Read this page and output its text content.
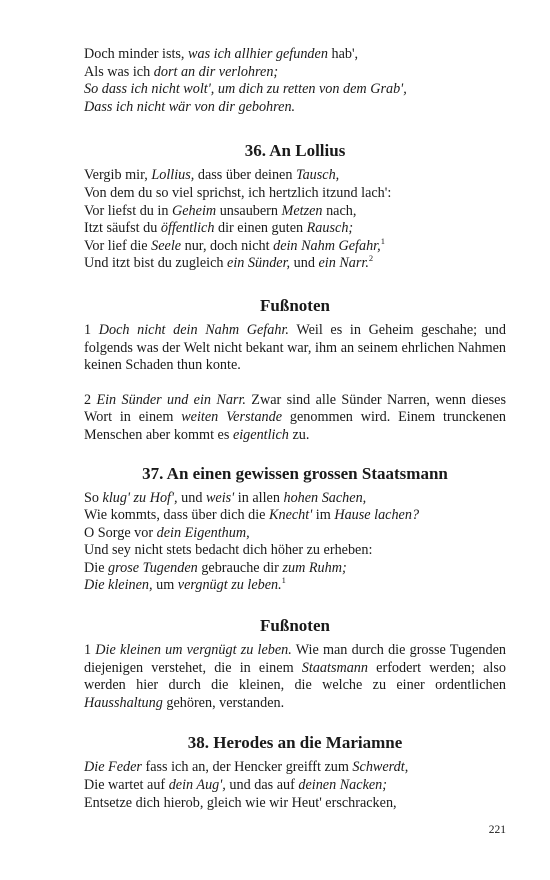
Doch minder ists, was ich allhier gefunden hab',

Als was ich dort an dir verlohren;

So dass ich nicht wolt', um dich zu retten von dem Grab',

Dass ich nicht wär von dir gebohren.

36. An Lollius

Vergib mir, Lollius, dass über deinen Tausch,

Von dem du so viel sprichst, ich hertzlich itzund lach':

Vor liefst du in Geheim unsaubern Metzen nach,

Itzt säufst du öffentlich dir einen guten Rausch;

Vor lief die Seele nur, doch nicht dein Nahm Gefahr,$^1$

Und itzt bist du zugleich ein Sünder, und ein Narr.$^2$

Fußnoten

1 Doch nicht dein Nahm Gefahr. Weil es in Geheim geschahe; und folgends was der Welt nicht bekant war, ihm an seinem ehrlichen Nahmen keinen Schaden thun konte.

2 Ein Sünder und ein Narr. Zwar sind alle Sünder Narren, wenn dieses Wort in einem weiten Verstande genommen wird. Einem trunckenen Menschen aber kommt es eigentlich zu.

37. An einen gewissen grossen Staatsmann

So klug' zu Hof', und weis' in allen hohen Sachen,

Wie kommts, dass über dich die Knecht' im Hause lachen?

O Sorge vor dein Eigenthum,

Und sey nicht stets bedacht dich höher zu erheben:

Die grose Tugenden gebrauche dir zum Ruhm;

Die kleinen, um vergnügt zu leben.$^1$

Fußnoten

1 Die kleinen um vergnügt zu leben. Wie man durch die grosse Tugenden diejenigen verstehet, die in einem Staatsmann erfodert werden; also werden hier durch die kleinen, die welche zu einer ordentlichen Hausshaltung gehören, verstanden.

38. Herodes an die Mariamne

Die Feder fass ich an, der Hencker greifft zum Schwerdt,

Die wartet auf dein Aug', und das auf deinen Nacken;

Entsetze dich hierob, gleich wie wir Heut' erschracken,

221
